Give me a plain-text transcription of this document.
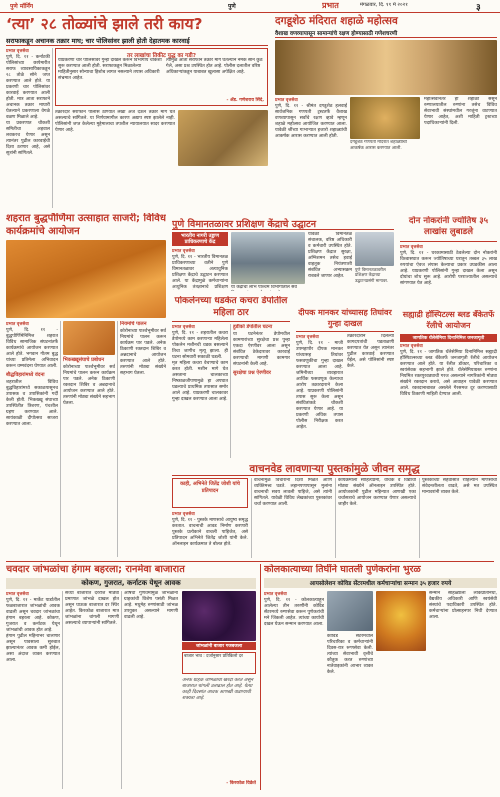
पुणे मॉर्निंग	पुणे	प्रभात	मंगळवार, दि. ११ मे २०२१	३
‘त्या’ २८ तोळ्यांचे झाले तरी काय?
सराफाकडून अचानक तक्रार माघ; चार पोलिसांवर झाली होती देहातमक कारवाई
प्रभात वृत्तसेवा
पुणे, दि. ११ - कर्नाटकी पोलिसांच्या छापेमारीत सराफ व्यावसायिकाकडून २८ तोळे सोने जप्त करण्यात आले होते. या प्रकरणी चार पोलिसांवर कारवाई करण्यात आली होती. मात्र आता सराफाने अचानक तक्रार माघारी घेतल्याने प्रकरणाला वेगळे वळण मिळाले आहे.
या प्रकरणात चौकशी समितीचा अहवाल लवकरच येणार असून त्यानंतर पुढील कारवाईची दिशा ठरणार आहे, असे सूत्रांनी सांगितले.
तर लाखांचा तिकीट युद्ध का गडी?
याप्रकरणी चार पोलिसांवर गुन्हा दाखल करून विभागीय चौकशी सुरू करण्यात आली होती. सराफाकडून मिळालेल्या माहितीनुसार सोन्याचा हिशोब लागत नसल्याने तपास अधिकारी संभ्रमात आहेत.
त्यामुळे आता सराफाने तक्रार मागे घेतल्याने नेमके सोने कुठे गेले, असा प्रश्न उपस्थित होत आहे. पोलीस दलातील वरिष्ठ अधिकाऱ्यांकडून याबाबत खुलासा अपेक्षित आहे.
- ॲड. गणेशराव सिंदे,
तक्रारदार सराफाने पोलीस ठाण्यात लेखी अर्ज देऊन तक्रार मागे घेत असल्याचे सांगितले. या निर्णयामागील कारण अद्याप स्पष्ट झालेले नाही. पोलिसांनी जप्त केलेल्या मुद्देमालाचा तपशील न्यायालयात सादर करण्यात येणार आहे.
दगडूशेठ मंदिरात शहाळे महोत्सव
वैशाख वणव्यापासून सामान्यांचे रक्षण होण्यासाठी गणेशचरणी
प्रभात वृत्तसेवा
पुणे, दि. ११ - श्रीमंत दगडूशेठ हलवाई सार्वजनिक गणपती ट्रस्टतर्फे वैशाख वणव्यापासून सर्वांचे रक्षण व्हावे म्हणून शहाळे महोत्सव आयोजित करण्यात आला. यावेळी श्रींच्या गाभाऱ्यात हजारो शहाळ्यांची आकर्षक आरास करण्यात आली होती.
दगडूशेठ गणपती मंदिरात शहाळ्यांची आकर्षक आरास करण्यात आली.
महोत्सवानंतर ही शहाळी ससून रुग्णालयातील रुग्णांना तसेच विविध सेवाभावी संस्थांमधील गरजूंना वाटण्यात येणार आहेत, अशी माहिती ट्रस्टच्या पदाधिकाऱ्यांनी दिली.
शहरात बुद्धपौर्णिमा उत्साहात साजरी; विविध कार्यक्रमांचे आयोजन
प्रभात वृत्तसेवा
पुणे, दि. ११ - बुद्धपौर्णिमेनिमित्त शहरात विविध सामाजिक संघटनांतर्फे कार्यक्रमांचे आयोजन करण्यात आले होते. भगवान गौतम बुद्ध यांच्या प्रतिमेला अभिवादन करून धम्मवंदना घेण्यात आली.
बौद्धविहारांमध्ये वंदना
शहरातील विविध बुद्धविहारांमध्ये सकाळपासूनच उपासक व उपासिकांनी गर्दी केली होती. भिकख्खू संघाच्या उपस्थितीत त्रिशरण, पंचशील ग्रहण करण्यात आले. सायंकाळी दीपोत्सव साजरा करण्यात आला.
भिकख्खूसंघाचे प्रबोधन
कोरोनाच्या पार्श्वभूमीवर सर्व नियमांचे पालन करून कार्यक्रम पार पडले. अनेक ठिकाणी रक्तदान शिबिर व अन्नदानाचे आयोजन करण्यात आले होते. तरुणांनी मोठ्या संख्येने सहभाग घेतला.
नियमांचे पालन
कोरोनाच्या पार्श्वभूमीवर सर्व नियमांचे पालन करून कार्यक्रम पार पडले. अनेक ठिकाणी रक्तदान शिबिर व अन्नदानाचे आयोजन करण्यात आले होते. तरुणांनी मोठ्या संख्येने सहभाग घेतला.
पुणे विमानतळावर प्रशिक्षण केंद्राचे उद्घाटन
भारतीय नागरी उड्डाण प्राधिकरणाचे केंद्र
प्रभात वृत्तसेवा
पुणे, दि. ११ - भारतीय विमानतळ प्राधिकरणाच्या वतीने पुणे विमानतळावर अत्याधुनिक प्रशिक्षण केंद्राचे उद्घाटन करण्यात आले. या केंद्रामुळे कर्मचाऱ्यांना आधुनिक तंत्रज्ञानाचे प्रशिक्षण
यावेळी विमानतळ संचालक, वरिष्ठ अधिकारी व कर्मचारी उपस्थित होते. प्रशिक्षण केंद्रात सुरक्षा, अग्निशमन तसेच हवाई वाहतूक नियंत्रणाशी संबंधित अभ्यासक्रम राबवले जाणार आहेत.
पुणे विमानतळावरील प्रशिक्षण केंद्राच्या उद्घाटनप्रसंगी मान्यवर.
या केंद्राचा लाभ पश्चिम विभागातील सर्व
दोन नोकरांनी ज्योतिष ३५ लाखांस लुबाडले
प्रभात वृत्तसेवा
पुणे, दि. ११ - घरकामासाठी ठेवलेल्या दोन नोकरांनी विश्वासघात करून ज्योतिषाच्या घरातून तब्बल ३५ लाख रुपयांचा ऐवज लंपास केल्याचा प्रकार उघडकीस आला आहे. याप्रकरणी पोलिसांनी गुन्हा दाखल केला असून दोघांचा शोध सुरू आहे. आरोपी परराज्यातील असल्याचे सांगण्यात येत आहे.
पोकलेनच्या धडकेत कचरा डेपोतील महिला ठार
प्रभात वृत्तसेवा
पुणे, दि. ११ - शहरातील कचरा डेपोमध्ये काम करणाऱ्या महिलेला पोकलेन मशीनची धडक बसल्याने तिचा जागीच मृत्यू झाला. ही घटना सोमवारी सकाळी घडली.
मृत महिला कचरा वेचण्याचे काम करत होती. मशीन मागे घेत असताना चालकाच्या निष्काळजीपणामुळे हा अपघात घडल्याचे प्राथमिक तपासात समोर आले आहे. याप्रकरणी चालकावर गुन्हा दाखल करण्यात आला आहे.
हुडीको डेपोतील घटना
या घटनेनंतर डेपोमधील कामगारांच्या सुरक्षेचा प्रश्न पुन्हा एकदा ऐरणीवर आला असून संबंधित ठेकेदारावर कारवाई करण्याची मागणी कामगार संघटनांनी केली आहे.
सुरक्षेचा प्रश्न ऐरणीवर
दीपक मानकर यांच्यासह तिघांवर गुन्हा दाखल
प्रभात वृत्तसेवा
पुणे, दि. ११ - माजी उपमहापौर दीपक मानकर यांच्यासह तिघांवर फसवणुकीचा गुन्हा दाखल करण्यात आला आहे. जमिनीच्या व्यवहारात आर्थिक फसवणूक केल्याचा आरोप तक्रारदाराने केला आहे. याप्रकरणी पोलिसांनी तपास सुरू केला असून संबंधितांकडे चौकशी करण्यात येणार आहे. या प्रकरणी अधिक तपास पोलीस निरीक्षक करत आहेत.
तक्रारदाराने दिलेल्या कागदपत्रांची पडताळणी करण्यात येत असून त्यानंतर पुढील कारवाई करण्यात येईल, असे पोलिसांनी स्पष्ट केले.
सह्याद्री हॉस्पिटल्स ब्लड बँकेतर्फे रॅलीचे आयोजन
जागतिक थॅलेसेमिया दिनानिमित्त जनजागृती
प्रभात वृत्तसेवा
पुणे, दि. ११ - जागतिक थॅलेसेमिया दिनानिमित्त सह्याद्री हॉस्पिटल्सच्या ब्लड बँकेतर्फे जनजागृती रॅलीचे आयोजन करण्यात आले होते. या रॅलीत डॉक्टर, परिचारिका व स्वयंसेवक सहभागी झाले होते. थॅलेसेमियाग्रस्त रुग्णांना नियमित रक्तपुरवठ्याची गरज असल्याने नागरिकांनी मोठ्या संख्येने रक्तदान करावे, असे आवाहन यावेळी करण्यात आले. रक्तदानाबाबत असलेले गैरसमज दूर करण्यासाठी विविध ठिकाणी माहिती देण्यात आली.
वाचनवेड लावणाऱ्या पुस्तकांमुळे जीवन समृद्ध
काही, अभिनेते जितेंद्र जोशी यांचे प्रतिपादन
प्रभात वृत्तसेवा
पुणे, दि. ११ - पुस्तके माणसाचे आयुष्य समृद्ध करतात. वाचनाची आवड निर्माण करणारी पुस्तके प्रत्येकाने वाचली पाहिजेत, असे प्रतिपादन अभिनेते जितेंद्र जोशी यांनी केले. ऑनलाइन कार्यक्रमात ते बोलत होते.
वाचनामुळे विचारांना दिशा मिळते आणि व्यक्तिमत्त्व घडते. लहानपणापासून मुलांना वाचनाची सवय लावली पाहिजे, असे त्यांनी सांगितले. यावेळी विविध लेखकांच्या पुस्तकांवर चर्चा करण्यात आली.
कार्यक्रमाला साहित्यप्रेमी, वाचक व विद्यार्थी मोठ्या संख्येने ऑनलाइन उपस्थित होते. आयोजकांनी पुढील महिन्यात आणखी एका चर्चासत्राचे आयोजन करण्यात येणार असल्याचे जाहीर केले.
पुस्तकांच्या सहवासात राहिल्याने माणसाची संवेदनशीलता वाढते, असे मत उपस्थित मान्यवरांनी व्यक्त केले.
चवदार जांभळांचा हंगाम बहरला; रानमेवा बाजारात
कोकण, गुजरात, कर्नाटक येथून आवक
प्रभात वृत्तसेवा
पुणे, दि. ११ - मार्केट यार्डातील फळबाजारात जांभळांची आवक वाढली असून चवदार जांभळांचा हंगाम बहरला आहे. कोकण, गुजरात व कर्नाटक येथून जांभळांची आवक होत आहे.
हंगाम पुढील महिनाभर चालणार असून पावसाला सुरुवात झाल्यानंतर आवक कमी होईल, असा अंदाज व्यक्त करण्यात आला.
सध्या बाजारात दररोज मोठ्या प्रमाणात जांभळे दाखल होत असून घाऊक बाजारात दर स्थिर आहेत. किरकोळ बाजारात मात्र जांभळांना चांगली मागणी असल्याचे व्यापाऱ्यांनी सांगितले.
औषधी गुणधर्मांमुळे जांभळांना ग्राहकांची विशेष पसंती मिळत आहे. मधुमेह रुग्णांसाठी जांभळ उपयुक्त असल्याने मागणी वाढली आहे.
जांभळांनी बाजार गजबजला
बाजार भाव : दर्जानुसार प्रतिकिलो दर
अनेक ग्राहक जांभळांची खरेदी करत असून बाजारात चांगली उलाढाल होत आहे. येत्या काही दिवसांत आवक आणखी वाढण्याची शक्यता आहे.
- किरकोळ विक्रेते
कोलकात्याच्या तिघींने घातली पुणेकरांना भुरळ
आयसोलेशन कोविड सेंटरमधील कर्मचाऱ्यांचा सन्मान ३५ हजार रुपये
प्रभात वृत्तसेवा
पुणे, दि. ११ - कोलकात्याहून आलेल्या तीन तरुणींनी कोविड सेंटरमध्ये रुग्णसेवा करून पुणेकरांची मने जिंकली आहेत. त्यांच्या कार्याची दखल घेऊन सन्मान करण्यात आला.
कोविड सेंटरमधील परिचारिका व कर्मचाऱ्यांनी दिवस-रात्र रुग्णसेवा केली. त्यांच्या सेवाभावी वृत्तीचे कौतुक करत रुग्णांच्या नातेवाइकांनी आभार व्यक्त केले.
सन्मान सोहळ्याला लोकप्रतिनिधी, वैद्यकीय अधिकारी आणि स्वयंसेवी संस्थांचे पदाधिकारी उपस्थित होते. कर्मचाऱ्यांना प्रोत्साहनपर निधी देण्यात आला.
